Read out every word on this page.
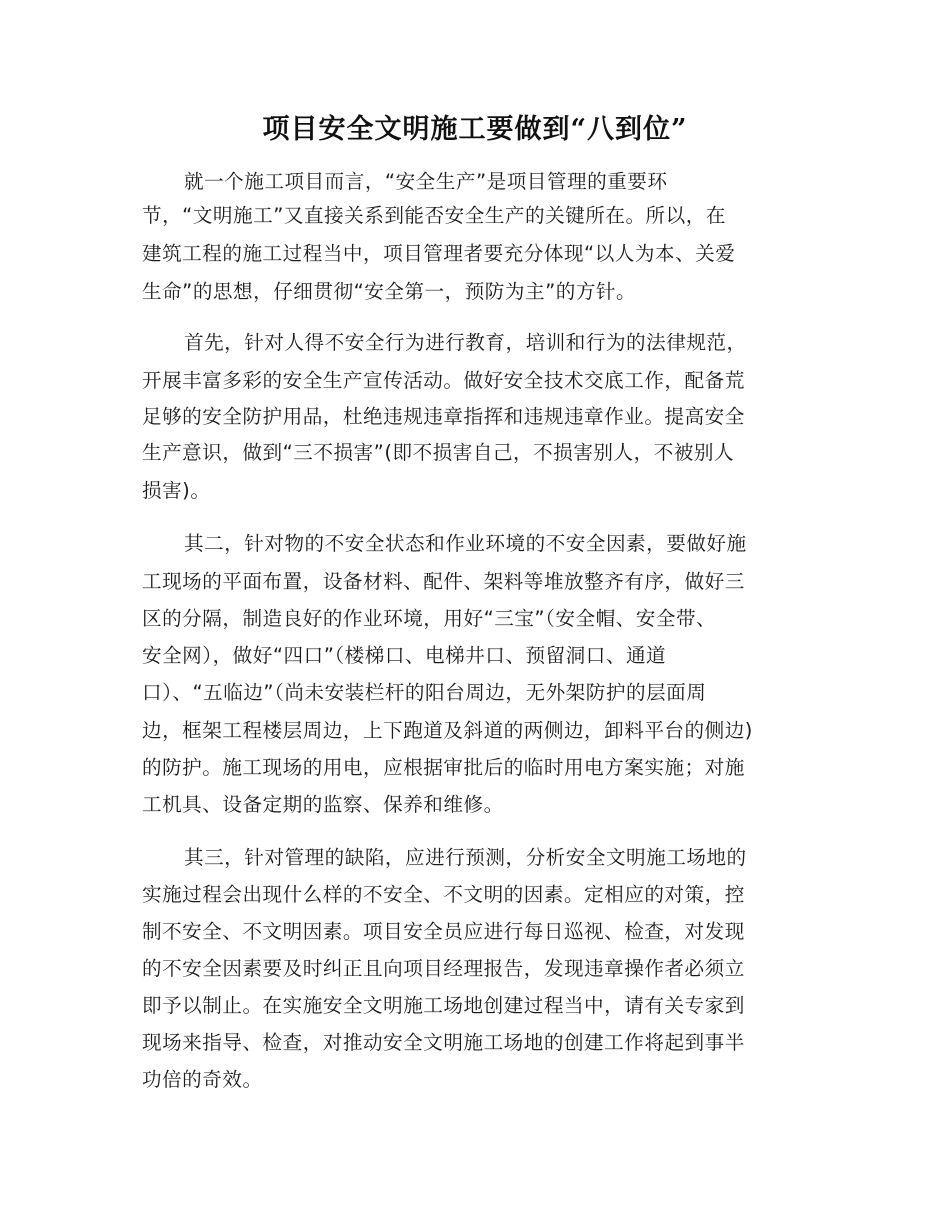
项目安全文明施工要做到“八到位”
就一个施工项目而言，“安全生产”是项目管理的重要环
节，“文明施工”又直接关系到能否安全生产的关键所在。所以，在
建筑工程的施工过程当中，项目管理者要充分体现“以人为本、关爱
生命”的思想，仔细贯彻“安全第一，预防为主”的方针。
首先，针对人得不安全行为进行教育，培训和行为的法律规范，
开展丰富多彩的安全生产宣传活动。做好安全技术交底工作，配备荒
足够的安全防护用品，杜绝违规违章指挥和违规违章作业。提高安全
生产意识，做到“三不损害”(即不损害自己，不损害别人，不被别人
损害)。
其二，针对物的不安全状态和作业环境的不安全因素，要做好施
工现场的平面布置，设备材料、配件、架料等堆放整齐有序，做好三
区的分隔，制造良好的作业环境，用好“三宝”（安全帽、安全带、
安全网），做好“四口”（楼梯口、电梯井口、预留洞口、通道
口）、“五临边”（尚未安装栏杆的阳台周边，无外架防护的层面周
边，框架工程楼层周边，上下跑道及斜道的两侧边，卸料平台的侧边)
的防护。施工现场的用电，应根据审批后的临时用电方案实施；对施
工机具、设备定期的监察、保养和维修。
其三，针对管理的缺陷，应进行预测，分析安全文明施工场地的
实施过程会出现什么样的不安全、不文明的因素。定相应的对策，控
制不安全、不文明因素。项目安全员应进行每日巡视、检查，对发现
的不安全因素要及时纠正且向项目经理报告，发现违章操作者必须立
即予以制止。在实施安全文明施工场地创建过程当中，请有关专家到
现场来指导、检查，对推动安全文明施工场地的创建工作将起到事半
功倍的奇效。
